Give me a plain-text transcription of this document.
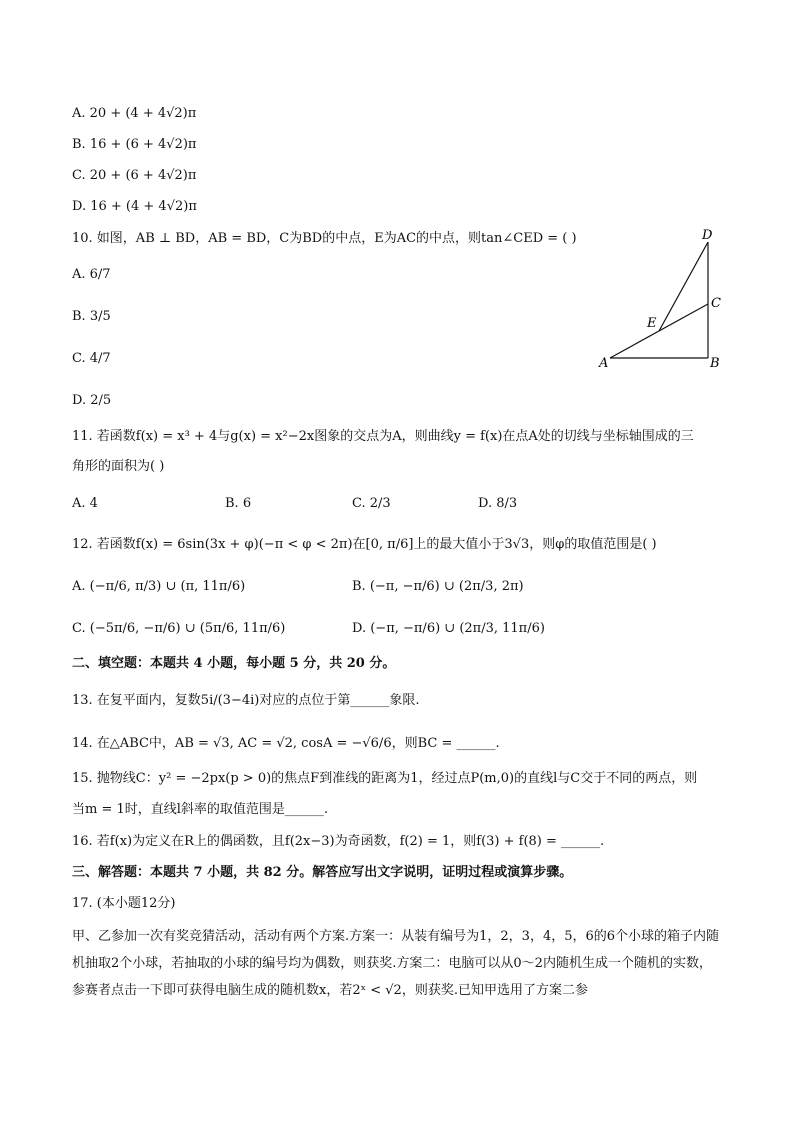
A. 20 + (4 + 4√2)π
B. 16 + (6 + 4√2)π
C. 20 + (6 + 4√2)π
D. 16 + (4 + 4√2)π
10. 如图，AB ⊥ BD，AB = BD，C为BD的中点，E为AC的中点，则tan∠CED = ( )
A. 6/7
B. 3/5
C. 4/7
D. 2/5
D
C
E
A	B
11. 若函数f(x) = x³ + 4与g(x) = x²−2x图象的交点为A，则曲线y = f(x)在点A处的切线与坐标轴围成的三
角形的面积为( )
A. 4	B. 6	C. 2/3	D. 8/3
12. 若函数f(x) = 6sin(3x + φ)(−π < φ < 2π)在[0, π/6]上的最大值小于3√3，则φ的取值范围是( )
A. (−π/6, π/3) ∪ (π, 11π/6)	B. (−π, −π/6) ∪ (2π/3, 2π)
C. (−5π/6, −π/6) ∪ (5π/6, 11π/6)	D. (−π, −π/6) ∪ (2π/3, 11π/6)
二、填空题：本题共 4 小题，每小题 5 分，共 20 分。
13. 在复平面内，复数5i/(3−4i)对应的点位于第______象限.
14. 在△ABC中，AB = √3, AC = √2, cosA = −√6/6，则BC = ______.
15. 抛物线C：y² = −2px(p > 0)的焦点F到准线的距离为1，经过点P(m,0)的直线l与C交于不同的两点，则
当m = 1时，直线l斜率的取值范围是______.
16. 若f(x)为定义在R上的偶函数，且f(2x−3)为奇函数，f(2) = 1，则f(3) + f(8) = ______.
三、解答题：本题共 7 小题，共 82 分。解答应写出文字说明，证明过程或演算步骤。
17. (本小题12分)
甲、乙参加一次有奖竞猜活动，活动有两个方案.方案一：从装有编号为1，2，3，4，5，6的6个小球的箱子内随机抽取2个小球，若抽取的小球的编号均为偶数，则获奖.方案二：电脑可以从0～2内随机生成一个随机的实数，参赛者点击一下即可获得电脑生成的随机数x，若2ˣ < √2，则获奖.已知甲选用了方案二参
